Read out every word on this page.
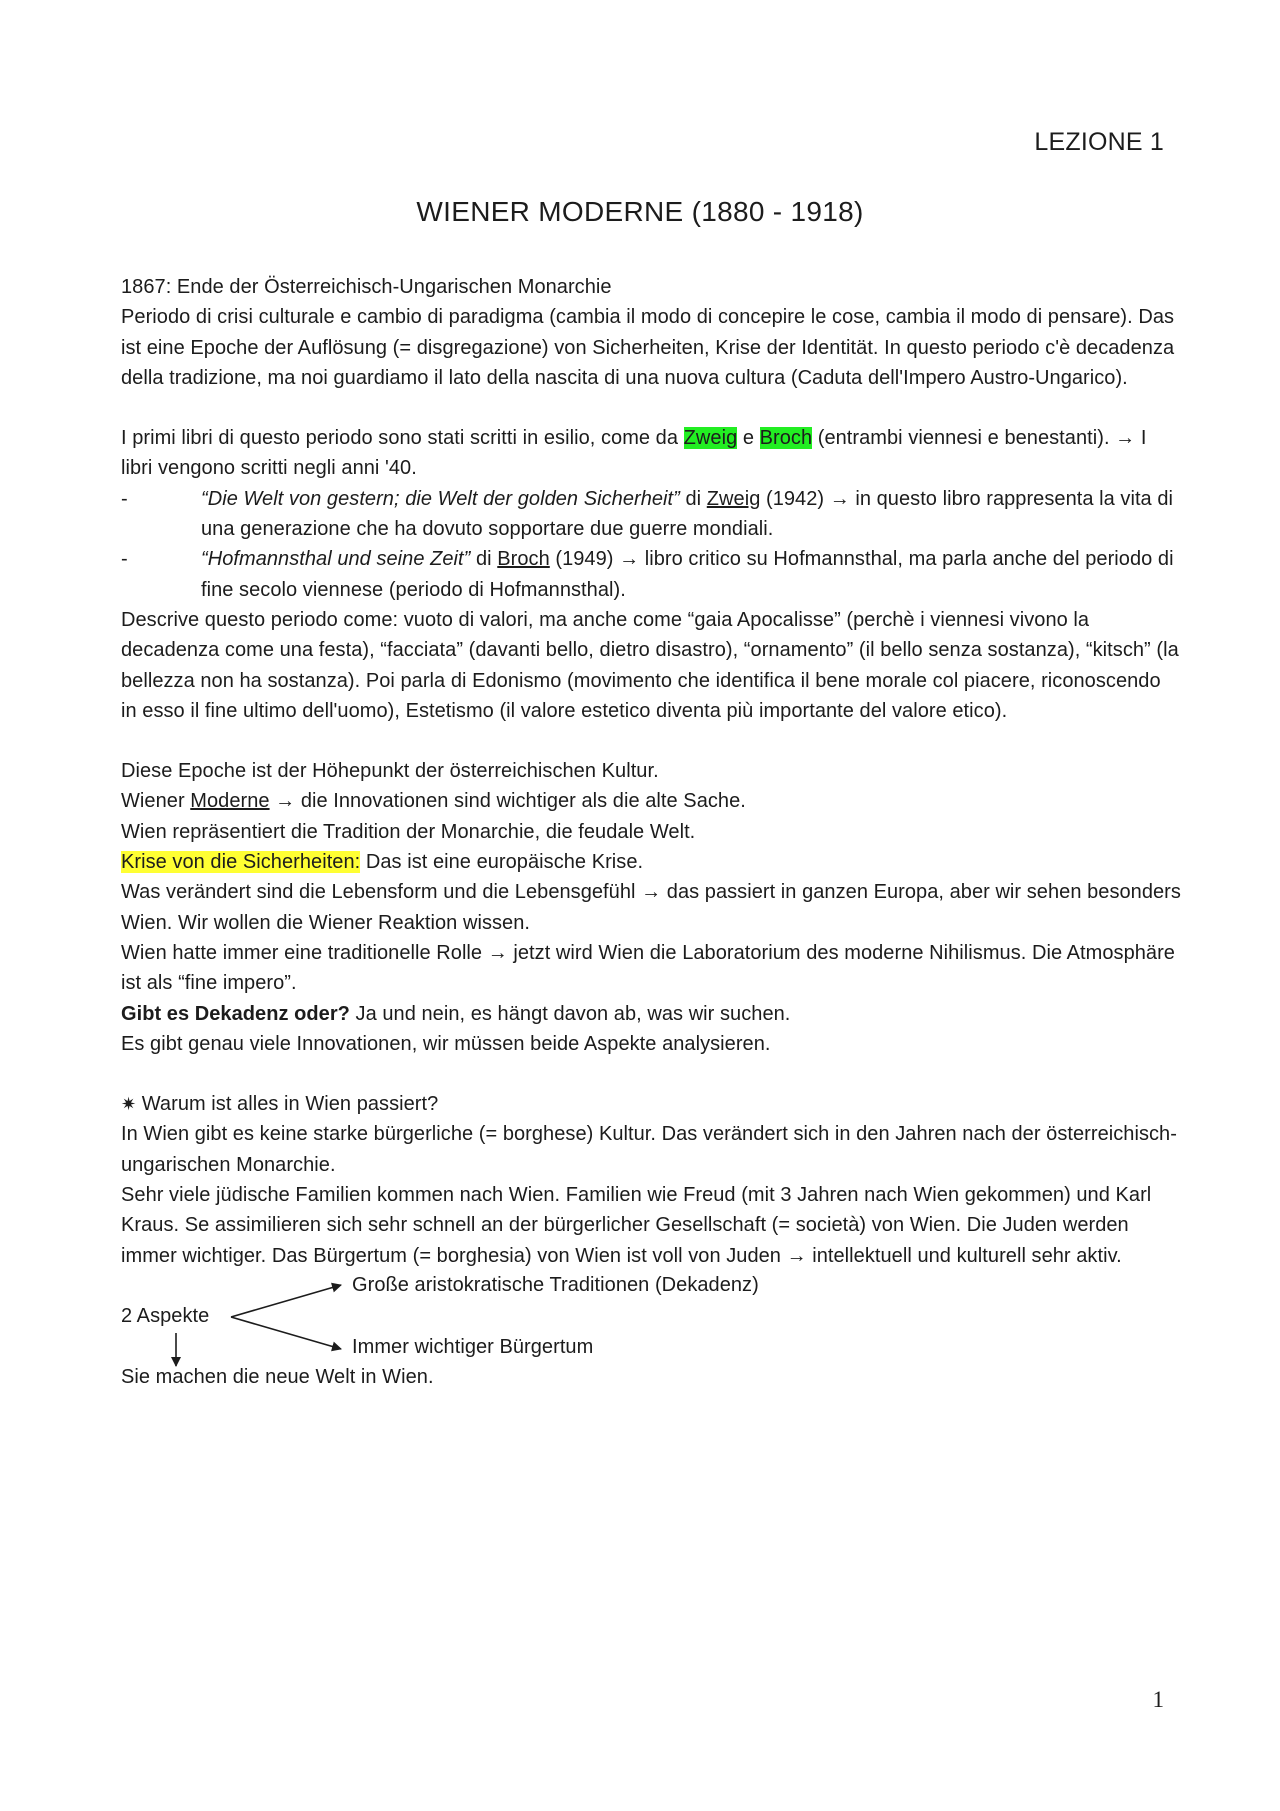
LEZIONE 1
WIENER MODERNE (1880 - 1918)

1867: Ende der Österreichisch-Ungarischen Monarchie

Periodo di crisi culturale e cambio di paradigma (cambia il modo di concepire le cose, cambia il modo di pensare). Das ist eine Epoche der Auflösung (= disgregazione) von Sicherheiten, Krise der Identität. In questo periodo c'è decadenza della tradizione, ma noi guardiamo il lato della nascita di una nuova cultura (Caduta dell'Impero Austro-Ungarico).

I primi libri di questo periodo sono stati scritti in esilio, come da Zweig e Broch (entrambi viennesi e benestanti). → I libri vengono scritti negli anni '40.

-	“Die Welt von gestern; die Welt der golden Sicherheit” di Zweig (1942) → in questo libro rappresenta la vita di una generazione che ha dovuto sopportare due guerre mondiali.
-	“Hofmannsthal und seine Zeit” di Broch (1949) → libro critico su Hofmannsthal, ma parla anche del periodo di fine secolo viennese (periodo di Hofmannsthal).

Descrive questo periodo come: vuoto di valori, ma anche come “gaia Apocalisse” (perchè i viennesi vivono la decadenza come una festa), “facciata” (davanti bello, dietro disastro), “ornamento” (il bello senza sostanza), “kitsch” (la bellezza non ha sostanza). Poi parla di Edonismo (movimento che identifica il bene morale col piacere, riconoscendo in esso il fine ultimo dell'uomo), Estetismo (il valore estetico diventa più importante del valore etico).

Diese Epoche ist der Höhepunkt der österreichischen Kultur.

Wiener Moderne → die Innovationen sind wichtiger als die alte Sache.

Wien repräsentiert die Tradition der Monarchie, die feudale Welt.

Krise von die Sicherheiten: Das ist eine europäische Krise.

Was verändert sind die Lebensform und die Lebensgefühl → das passiert in ganzen Europa, aber wir sehen besonders Wien. Wir wollen die Wiener Reaktion wissen.

Wien hatte immer eine traditionelle Rolle → jetzt wird Wien die Laboratorium des moderne Nihilismus. Die Atmosphäre ist als “fine impero”.

Gibt es Dekadenz oder? Ja und nein, es hängt davon ab, was wir suchen.

Es gibt genau viele Innovationen, wir müssen beide Aspekte analysieren.

✷ Warum ist alles in Wien passiert?

In Wien gibt es keine starke bürgerliche (= borghese) Kultur. Das verändert sich in den Jahren nach der österreichisch-ungarischen Monarchie.

Sehr viele jüdische Familien kommen nach Wien. Familien wie Freud (mit 3 Jahren nach Wien gekommen) und Karl Kraus. Se assimilieren sich sehr schnell an der bürgerlicher Gesellschaft (= società) von Wien. Die Juden werden immer wichtiger. Das Bürgertum (= borghesia) von Wien ist voll von Juden → intellektuell und kulturell sehr aktiv.

2 Aspekte
Große aristokratische Traditionen (Dekadenz)
Immer wichtiger Bürgertum
Sie machen die neue Welt in Wien.
1
